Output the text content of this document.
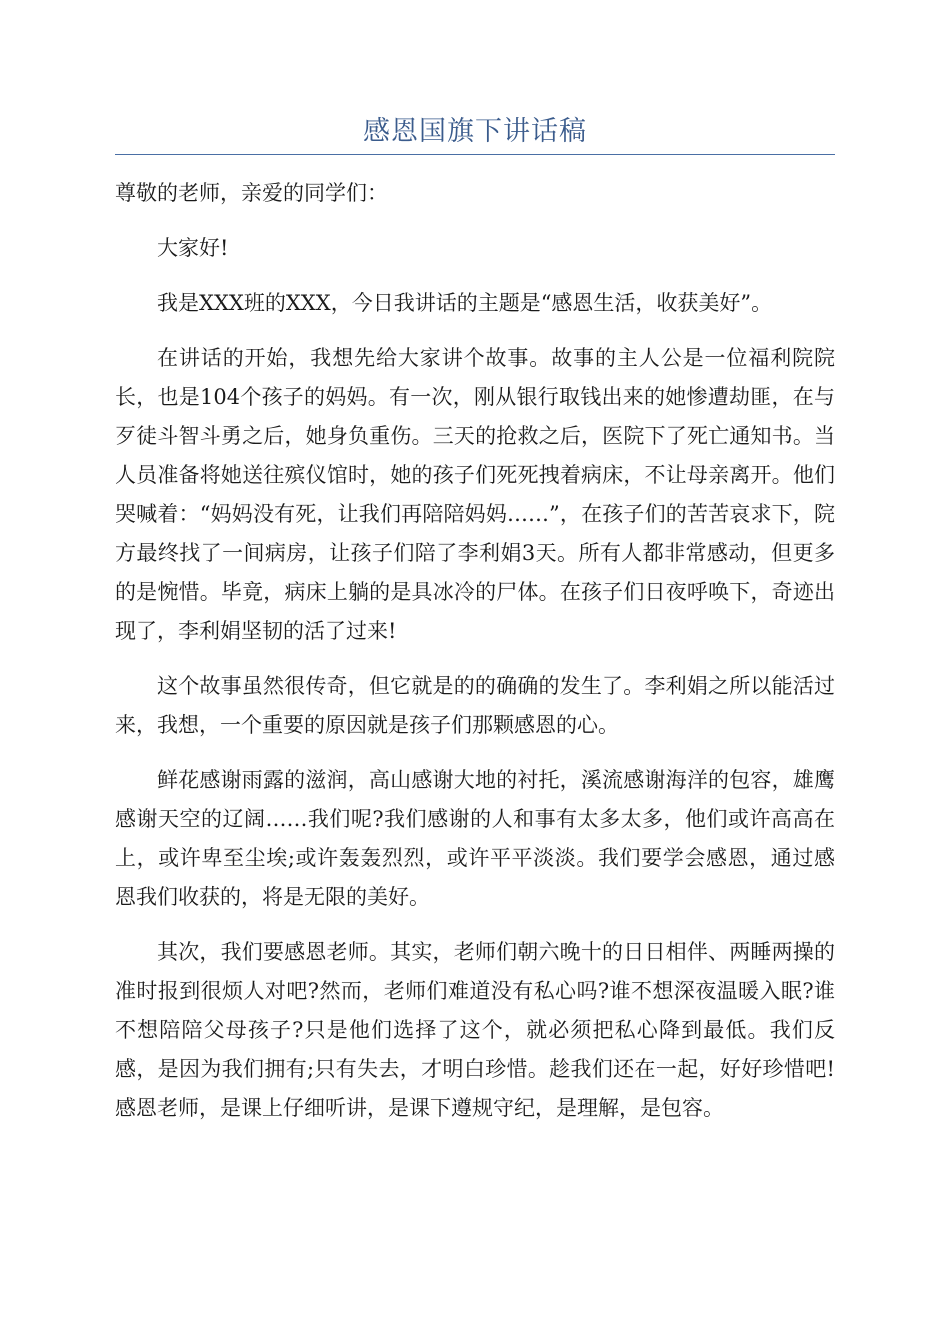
感恩国旗下讲话稿

尊敬的老师，亲爱的同学们：

大家好!

我是XXX班的XXX，今日我讲话的主题是“感恩生活，收获美好”。

在讲话的开始，我想先给大家讲个故事。故事的主人公是一位福利院院长，也是104个孩子的妈妈。有一次，刚从银行取钱出来的她惨遭劫匪，在与歹徒斗智斗勇之后，她身负重伤。三天的抢救之后，医院下了死亡通知书。当人员准备将她送往殡仪馆时，她的孩子们死死拽着病床，不让母亲离开。他们哭喊着：“妈妈没有死，让我们再陪陪妈妈……”，在孩子们的苦苦哀求下，院方最终找了一间病房，让孩子们陪了李利娟3天。所有人都非常感动，但更多的是惋惜。毕竟，病床上躺的是具冰冷的尸体。在孩子们日夜呼唤下，奇迹出现了，李利娟坚韧的活了过来!

这个故事虽然很传奇，但它就是的的确确的发生了。李利娟之所以能活过来，我想，一个重要的原因就是孩子们那颗感恩的心。

鲜花感谢雨露的滋润，高山感谢大地的衬托，溪流感谢海洋的包容，雄鹰感谢天空的辽阔……我们呢?我们感谢的人和事有太多太多，他们或许高高在上，或许卑至尘埃;或许轰轰烈烈，或许平平淡淡。我们要学会感恩，通过感恩我们收获的，将是无限的美好。

其次，我们要感恩老师。其实，老师们朝六晚十的日日相伴、两睡两操的准时报到很烦人对吧?然而，老师们难道没有私心吗?谁不想深夜温暖入眠?谁不想陪陪父母孩子?只是他们选择了这个，就必须把私心降到最低。我们反感，是因为我们拥有;只有失去，才明白珍惜。趁我们还在一起，好好珍惜吧!感恩老师，是课上仔细听讲，是课下遵规守纪，是理解，是包容。
